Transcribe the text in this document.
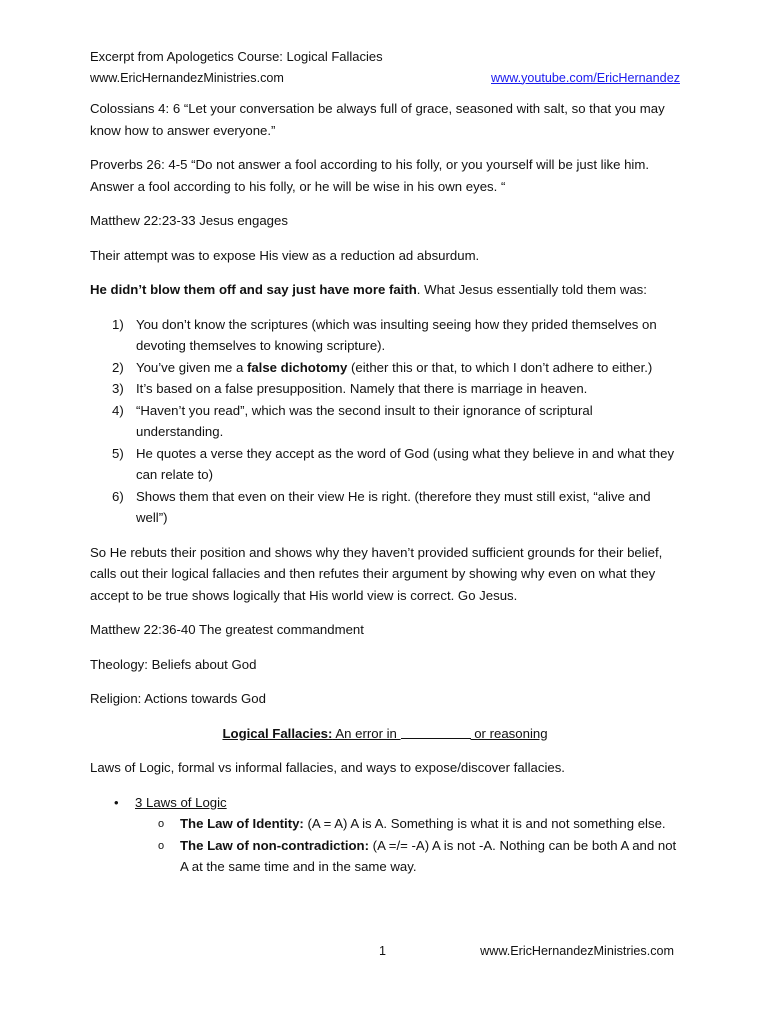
Excerpt from Apologetics Course: Logical Fallacies
www.EricHernandezMinistries.com	www.youtube.com/EricHernandez

Colossians 4: 6 “Let your conversation be always full of grace, seasoned with salt, so that you may know how to answer everyone.”

Proverbs 26: 4-5 “Do not answer a fool according to his folly, or you yourself will be just like him. Answer a fool according to his folly, or he will be wise in his own eyes. “

Matthew 22:23-33 Jesus engages

Their attempt was to expose His view as a reduction ad absurdum.

He didn’t blow them off and say just have more faith. What Jesus essentially told them was:

1) You don’t know the scriptures (which was insulting seeing how they prided themselves on devoting themselves to knowing scripture).
2) You’ve given me a false dichotomy (either this or that, to which I don’t adhere to either.)
3) It’s based on a false presupposition. Namely that there is marriage in heaven.
4) “Haven’t you read”, which was the second insult to their ignorance of scriptural understanding.
5) He quotes a verse they accept as the word of God (using what they believe in and what they can relate to)
6) Shows them that even on their view He is right. (therefore they must still exist, “alive and well”)

So He rebuts their position and shows why they haven’t provided sufficient grounds for their belief, calls out their logical fallacies and then refutes their argument by showing why even on what they accept to be true shows logically that His world view is correct. Go Jesus.

Matthew 22:36-40 The greatest commandment

Theology: Beliefs about God

Religion: Actions towards God

Logical Fallacies: An error in	or reasoning

Laws of Logic, formal vs informal fallacies, and ways to expose/discover fallacies.

• 3 Laws of Logic
o The Law of Identity: (A = A) A is A. Something is what it is and not something else.
o The Law of non-contradiction: (A =/= -A) A is not -A. Nothing can be both A and not A at the same time and in the same way.
1	www.EricHernandezMinistries.com
